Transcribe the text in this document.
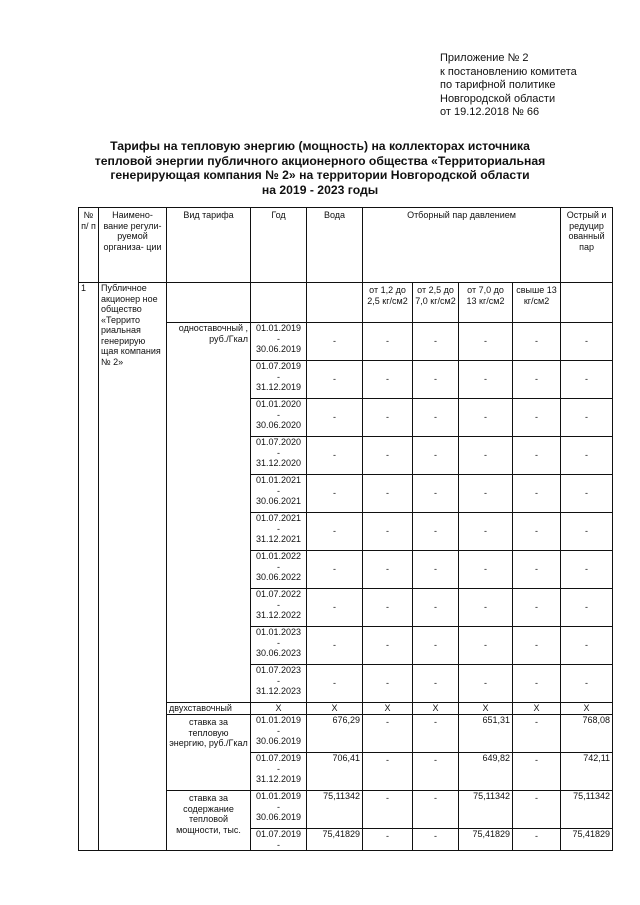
Приложение № 2
к постановлению комитета
по тарифной политике
Новгородской области
от 19.12.2018 № 66
Тарифы на тепловую энергию (мощность) на коллекторах источника
тепловой энергии публичного акционерного общества «Территориальная
генерирующая компания № 2» на территории Новгородской области
на 2019 - 2023 годы
№ п/ п	Наимено- вание регули- руемой организа- ции	Вид тарифа	Год	Вода	Отборный пар давлением				Острый и редуцир ованный пар
1	Публичное акционер ное общество «Террито риальная генерирую щая компания № 2»				от 1,2 до 2,5 кг/см2	от 2,5 до 7,0 кг/см2	от 7,0 до 13 кг/см2	свыше 13 кг/см2	
		одноставочный , руб./Гкал	01.01.2019
-
30.06.2019	-	-	-	-	-	-

			01.07.2019
-
31.12.2019	-	-	-	-	-	-

			01.01.2020
-
30.06.2020	-	-	-	-	-	-

			01.07.2020
-
31.12.2020	-	-	-	-	-	-

			01.01.2021
-
30.06.2021	-	-	-	-	-	-

			01.07.2021
-
31.12.2021	-	-	-	-	-	-

			01.01.2022
-
30.06.2022	-	-	-	-	-	-

			01.07.2022
-
31.12.2022	-	-	-	-	-	-

			01.01.2023
-
30.06.2023	-	-	-	-	-	-

			01.07.2023
-
31.12.2023	-	-	-	-	-	-
		двухставочный	X	X	X	X	X	X	X
		ставка за тепловую энергию, руб./Гкал	01.01.2019
-
30.06.2019	676,29	-	-	651,31	-	768,08

			01.07.2019
-
31.12.2019	706,41	-	-	649,82	-	742,11
		ставка за содержание тепловой мощности, тыс.	01.01.2019
-
30.06.2019	75,11342	-	-	75,11342	-	75,11342

			01.07.2019
-	75,41829	-	-	75,41829	-	75,41829
